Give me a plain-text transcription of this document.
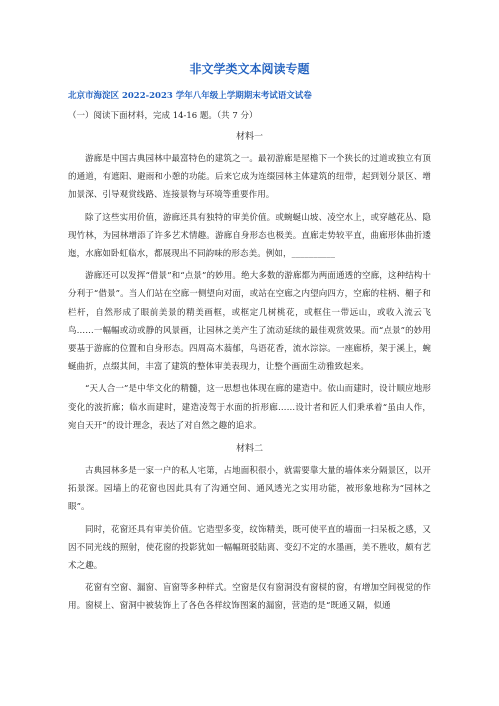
非文学类文本阅读专题
北京市海淀区 2022-2023 学年八年级上学期期末考试语文试卷
（一）阅读下面材料，完成 14-16 题。（共 7 分）
材料一

游廊是中国古典园林中最富特色的建筑之一。最初游廊是屋檐下一个狭长的过道或独立有顶的通道，有遮阳、避雨和小憩的功能。后来它成为连缀园林主体建筑的纽带，起到划分景区、增加景深、引导观赏线路、连接景物与环境等重要作用。

除了这些实用价值，游廊还具有独特的审美价值。或蜿蜒山坡、凌空水上，或穿越花丛、隐现竹林，为园林增添了许多艺术情趣。游廊自身形态也极美。直廊走势较平直，曲廊形体曲折逶迤，水廊如卧虹临水，都展现出不同韵味的形态美。例如，__________

游廊还可以发挥“借景”和“点景”的妙用。绝大多数的游廊都为两面通透的空廊，这种结构十分利于“借景”。当人们站在空廊一侧望向对面，或站在空廊之内望向四方，空廊的柱柄、楣子和栏杆，自然形成了眼前美景的精美画框，或框定几树桃花，或框住一带远山，或收入流云飞鸟……一幅幅或动或静的风景画，让园林之美产生了流动延续的最佳观赏效果。而“点景”的妙用要基于游廊的位置和自身形态。四周高木蓊郁，鸟语花香，流水淙淙。一座廊桥，架于溪上，蜿蜒曲折，点缀其间，丰富了建筑的整体审美表现力，让整个画面生动雅致起来。

“天人合一”是中华文化的精髓，这一思想也体现在廊的建造中。依山而建时，设计顺应地形变化的波折廊；临水而建时，建造凌驾于水面的折形廊……设计者和匠人们秉承着“虽由人作，宛自天开”的设计理念，表达了对自然之趣的追求。

材料二

古典园林多是一家一户的私人宅第，占地面积很小，就需要靠大量的墙体来分隔景区，以开拓景深。园墙上的花窗也因此具有了沟通空间、通风透光之实用功能，被形象地称为“园林之眼”。

同时，花窗还具有审美价值。它造型多变，纹饰精美，既可使平直的墙面一扫呆板之感，又因不同光线的照射，使花窗的投影犹如一幅幅斑驳陆离、变幻不定的水墨画，美不胜收，颇有艺术之趣。

花窗有空窗、漏窗、盲窗等多种样式。空窗是仅有窗洞没有窗棂的窗，有增加空间视觉的作用。窗棂上、窗洞中被装饰上了各色各样纹饰图案的漏窗，营造的是“既通又隔，似通
